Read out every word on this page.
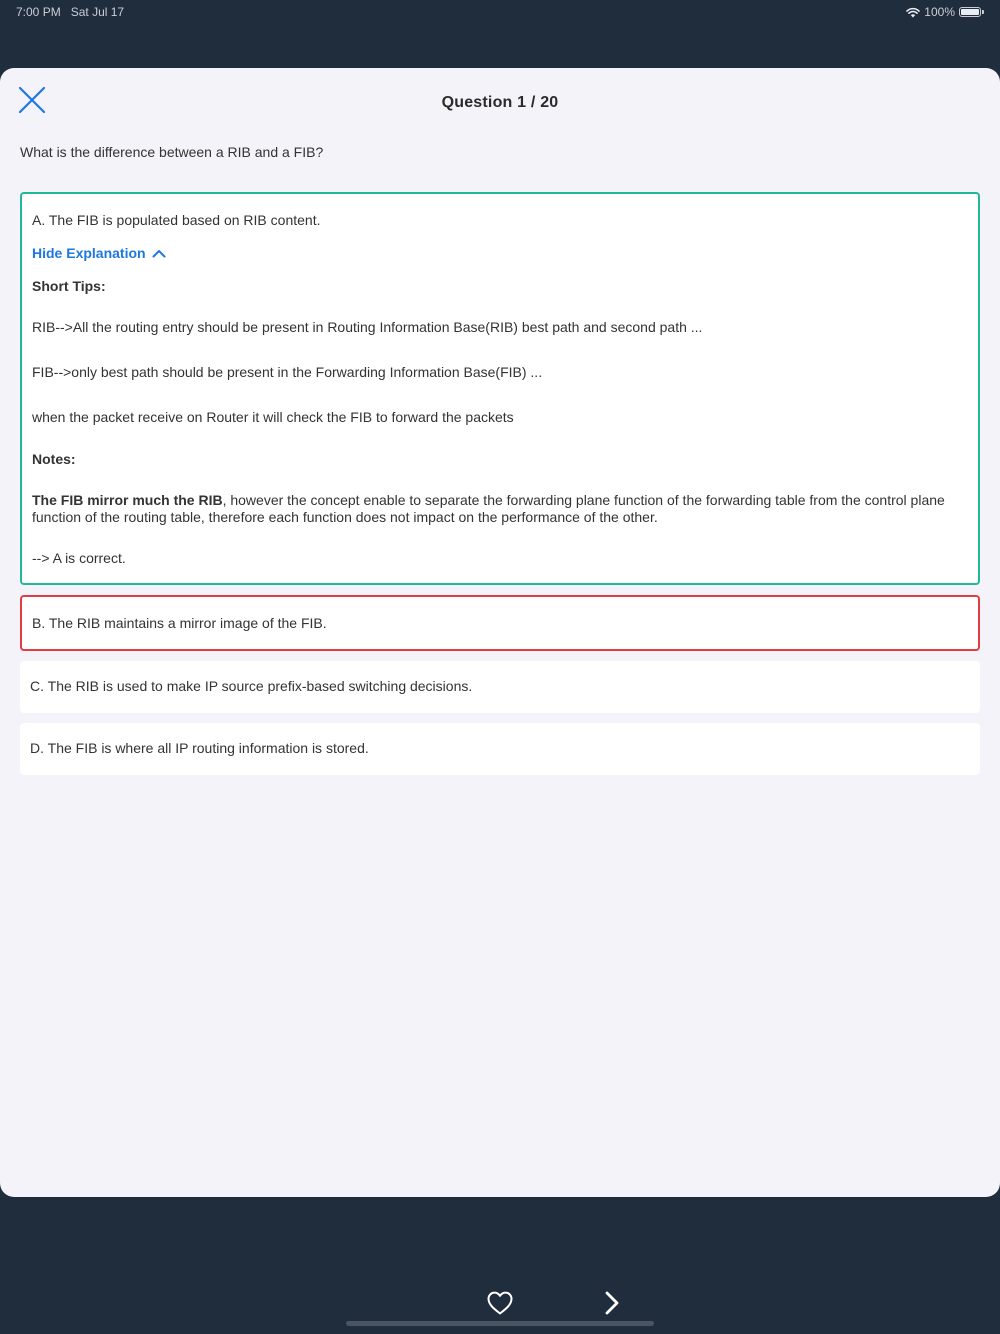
7:00 PM Sat Jul 17	100%
Question 1 / 20
What is the difference between a RIB and a FIB?
A. The FIB is populated based on RIB content.
Hide Explanation
Short Tips:
RIB-->All the routing entry should be present in Routing Information Base(RIB) best path and second path ...
FIB-->only best path should be present in the Forwarding Information Base(FIB) ...
when the packet receive on Router it will check the FIB to forward the packets
Notes:
The FIB mirror much the RIB, however the concept enable to separate the forwarding plane function of the forwarding table from the control plane function of the routing table, therefore each function does not impact on the performance of the other.
--> A is correct.
B. The RIB maintains a mirror image of the FIB.
C. The RIB is used to make IP source prefix-based switching decisions.
D. The FIB is where all IP routing information is stored.
